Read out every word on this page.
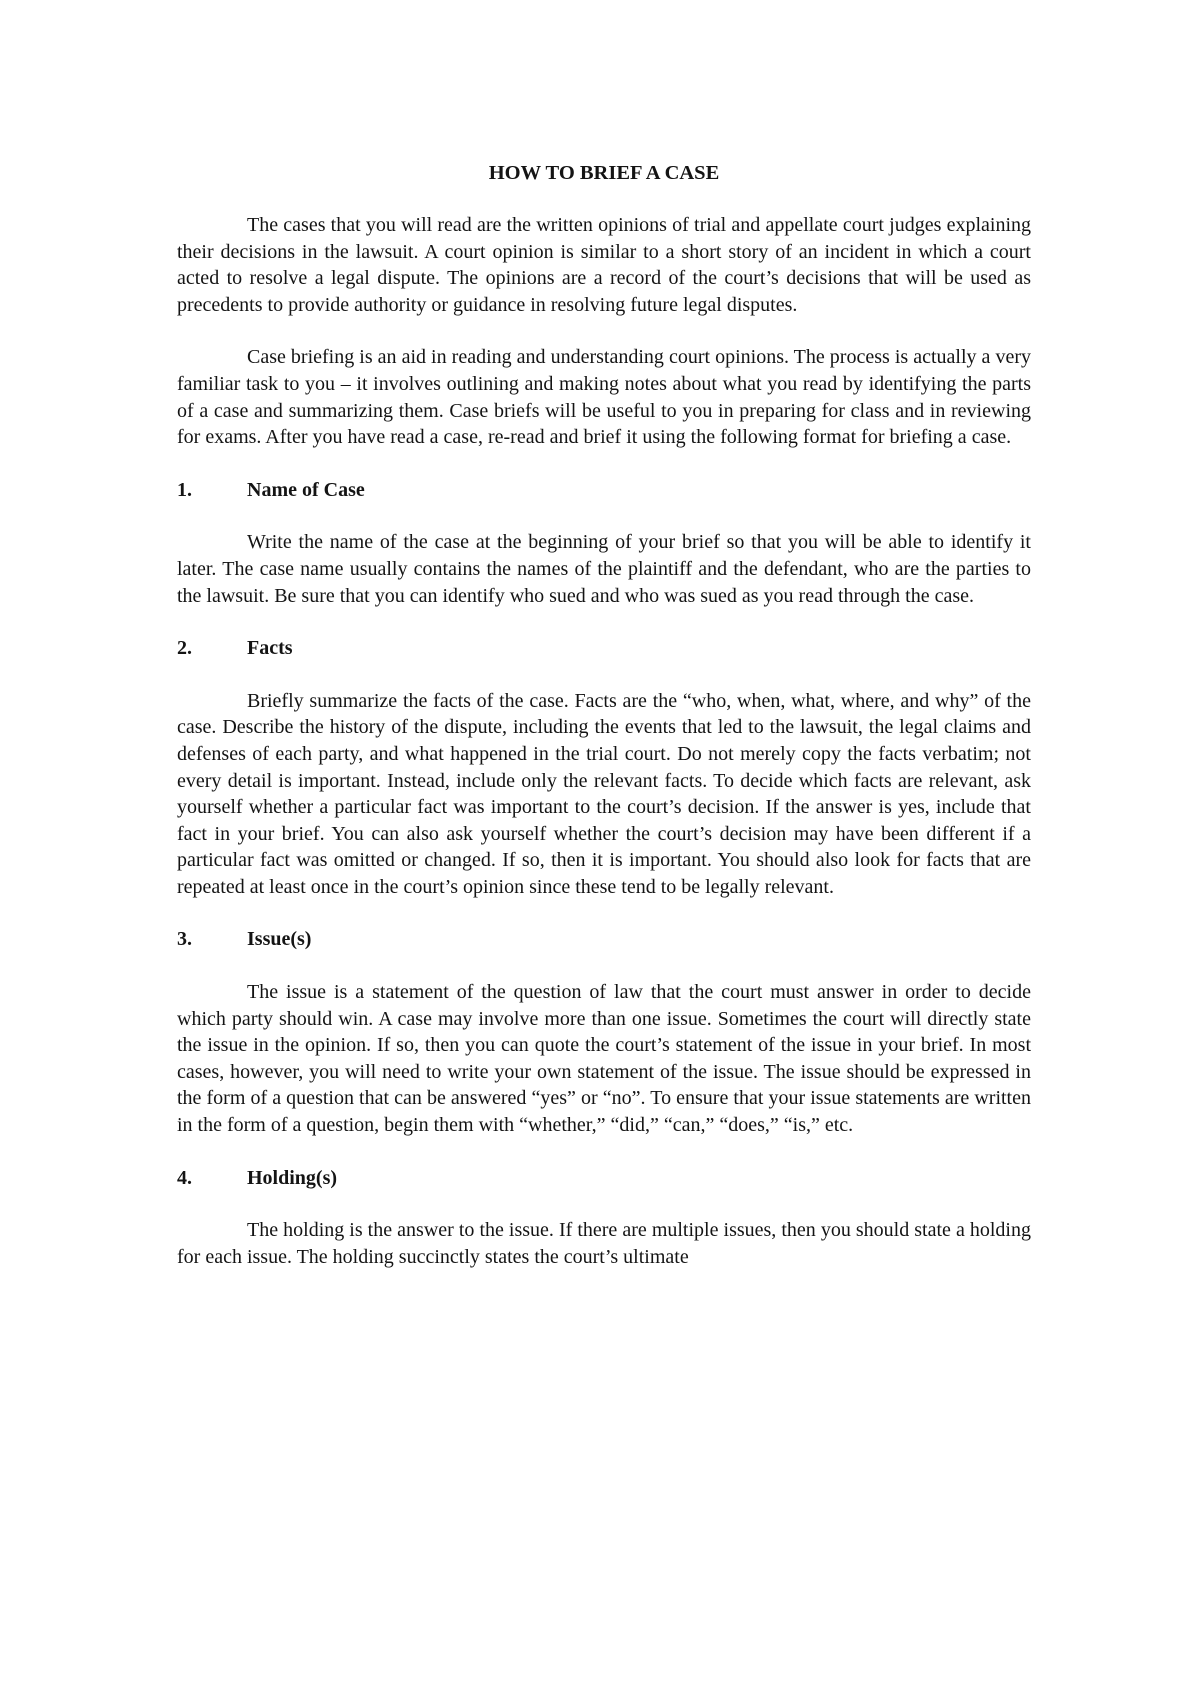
HOW TO BRIEF A CASE

The cases that you will read are the written opinions of trial and appellate court judges explaining their decisions in the lawsuit. A court opinion is similar to a short story of an incident in which a court acted to resolve a legal dispute. The opinions are a record of the court’s decisions that will be used as precedents to provide authority or guidance in resolving future legal disputes.

Case briefing is an aid in reading and understanding court opinions. The process is actually a very familiar task to you – it involves outlining and making notes about what you read by identifying the parts of a case and summarizing them. Case briefs will be useful to you in preparing for class and in reviewing for exams. After you have read a case, re-read and brief it using the following format for briefing a case.

1.	Name of Case

Write the name of the case at the beginning of your brief so that you will be able to identify it later. The case name usually contains the names of the plaintiff and the defendant, who are the parties to the lawsuit. Be sure that you can identify who sued and who was sued as you read through the case.

2.	Facts

Briefly summarize the facts of the case. Facts are the “who, when, what, where, and why” of the case. Describe the history of the dispute, including the events that led to the lawsuit, the legal claims and defenses of each party, and what happened in the trial court. Do not merely copy the facts verbatim; not every detail is important. Instead, include only the relevant facts. To decide which facts are relevant, ask yourself whether a particular fact was important to the court’s decision. If the answer is yes, include that fact in your brief. You can also ask yourself whether the court’s decision may have been different if a particular fact was omitted or changed. If so, then it is important. You should also look for facts that are repeated at least once in the court’s opinion since these tend to be legally relevant.

3.	Issue(s)

The issue is a statement of the question of law that the court must answer in order to decide which party should win. A case may involve more than one issue. Sometimes the court will directly state the issue in the opinion. If so, then you can quote the court’s statement of the issue in your brief. In most cases, however, you will need to write your own statement of the issue. The issue should be expressed in the form of a question that can be answered “yes” or “no”. To ensure that your issue statements are written in the form of a question, begin them with “whether,” “did,” “can,” “does,” “is,” etc.

4.	Holding(s)

The holding is the answer to the issue. If there are multiple issues, then you should state a holding for each issue. The holding succinctly states the court’s ultimate
